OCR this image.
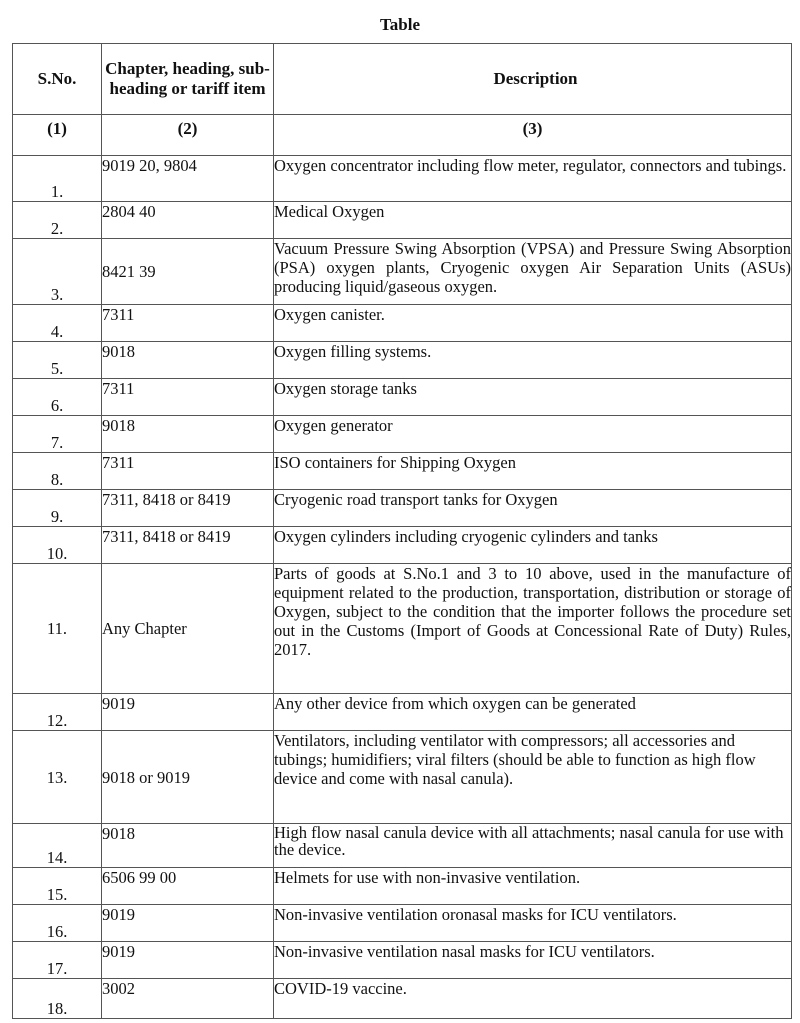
Table
S.No.	Chapter, heading, sub-heading or tariff item	Description
(1)	(2)	(3)
1.	9019 20, 9804	Oxygen concentrator including flow meter, regulator, connectors and tubings.
2.	2804 40	Medical Oxygen
3.	8421 39	Vacuum Pressure Swing Absorption (VPSA) and Pressure Swing Absorption (PSA) oxygen plants, Cryogenic oxygen Air Separation Units (ASUs) producing liquid/gaseous oxygen.
4.	7311	Oxygen canister.
5.	9018	Oxygen filling systems.
6.	7311	Oxygen storage tanks
7.	9018	Oxygen generator
8.	7311	ISO containers for Shipping Oxygen
9.	7311, 8418 or 8419	Cryogenic road transport tanks for Oxygen
10.	7311, 8418 or 8419	Oxygen cylinders including cryogenic cylinders and tanks
11.	Any Chapter	Parts of goods at S.No.1 and 3 to 10 above, used in the manufacture of equipment related to the production, transportation, distribution or storage of Oxygen, subject to the condition that the importer follows the procedure set out in the Customs (Import of Goods at Concessional Rate of Duty) Rules, 2017.
12.	9019	Any other device from which oxygen can be generated
13.	9018 or 9019	Ventilators, including ventilator with compressors; all accessories and tubings; humidifiers; viral filters (should be able to function as high flow device and come with nasal canula).
14.	9018	High flow nasal canula device with all attachments; nasal canula for use with the device.
15.	6506 99 00	Helmets for use with non-invasive ventilation.
16.	9019	Non-invasive ventilation oronasal masks for ICU ventilators.
17.	9019	Non-invasive ventilation nasal masks for ICU ventilators.
18.	3002	COVID-19 vaccine.
